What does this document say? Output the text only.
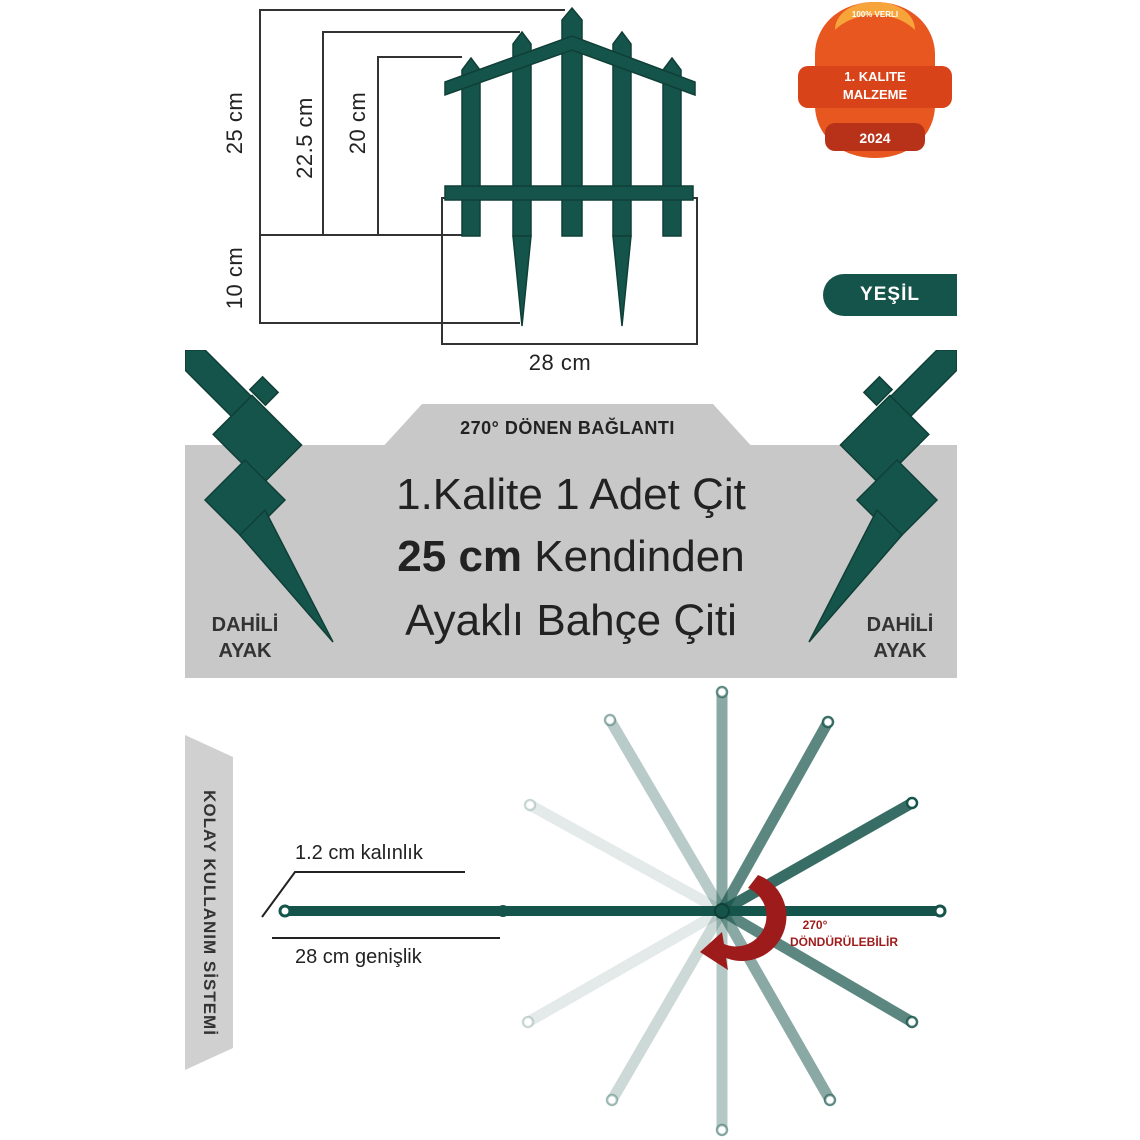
25 cm 22.5 cm 20 cm
10 cm
28 cm
100% VERLI
1. KALITE MALZEME
2024
YEŞİL
270° DÖNEN BAĞLANTI
1.Kalite 1 Adet Çit
25 cm Kendinden
Ayaklı Bahçe Çiti
DAHİLİ
AYAK
DAHİLİ
AYAK
KOLAY KULLANIM SİSTEMİ	1.2 cm kalınlık
28 cm genişlik
270°
DÖNDÜRÜLEBİLİR
